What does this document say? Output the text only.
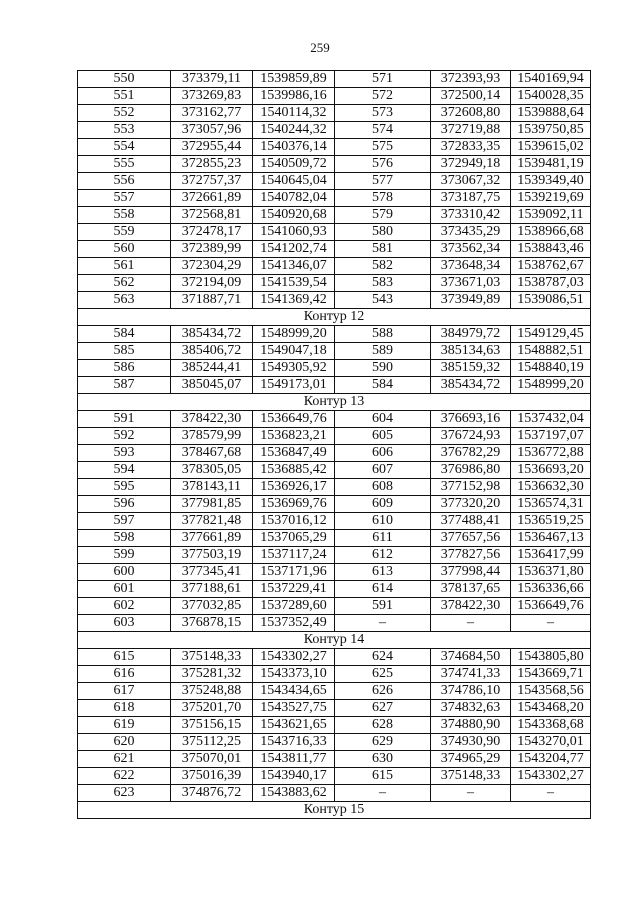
259
550	373379,11	1539859,89	571	372393,93	1540169,94
551	373269,83	1539986,16	572	372500,14	1540028,35
552	373162,77	1540114,32	573	372608,80	1539888,64
553	373057,96	1540244,32	574	372719,88	1539750,85
554	372955,44	1540376,14	575	372833,35	1539615,02
555	372855,23	1540509,72	576	372949,18	1539481,19
556	372757,37	1540645,04	577	373067,32	1539349,40
557	372661,89	1540782,04	578	373187,75	1539219,69
558	372568,81	1540920,68	579	373310,42	1539092,11
559	372478,17	1541060,93	580	373435,29	1538966,68
560	372389,99	1541202,74	581	373562,34	1538843,46
561	372304,29	1541346,07	582	373648,34	1538762,67
562	372194,09	1541539,54	583	373671,03	1538787,03
563	371887,71	1541369,42	543	373949,89	1539086,51
Контур 12					
584	385434,72	1548999,20	588	384979,72	1549129,45
585	385406,72	1549047,18	589	385134,63	1548882,51
586	385244,41	1549305,92	590	385159,32	1548840,19
587	385045,07	1549173,01	584	385434,72	1548999,20
Контур 13					
591	378422,30	1536649,76	604	376693,16	1537432,04
592	378579,99	1536823,21	605	376724,93	1537197,07
593	378467,68	1536847,49	606	376782,29	1536772,88
594	378305,05	1536885,42	607	376986,80	1536693,20
595	378143,11	1536926,17	608	377152,98	1536632,30
596	377981,85	1536969,76	609	377320,20	1536574,31
597	377821,48	1537016,12	610	377488,41	1536519,25
598	377661,89	1537065,29	611	377657,56	1536467,13
599	377503,19	1537117,24	612	377827,56	1536417,99
600	377345,41	1537171,96	613	377998,44	1536371,80
601	377188,61	1537229,41	614	378137,65	1536336,66
602	377032,85	1537289,60	591	378422,30	1536649,76
603	376878,15	1537352,49	–	–	–
Контур 14					
615	375148,33	1543302,27	624	374684,50	1543805,80
616	375281,32	1543373,10	625	374741,33	1543669,71
617	375248,88	1543434,65	626	374786,10	1543568,56
618	375201,70	1543527,75	627	374832,63	1543468,20
619	375156,15	1543621,65	628	374880,90	1543368,68
620	375112,25	1543716,33	629	374930,90	1543270,01
621	375070,01	1543811,77	630	374965,29	1543204,77
622	375016,39	1543940,17	615	375148,33	1543302,27
623	374876,72	1543883,62	–	–	–
Контур 15					
